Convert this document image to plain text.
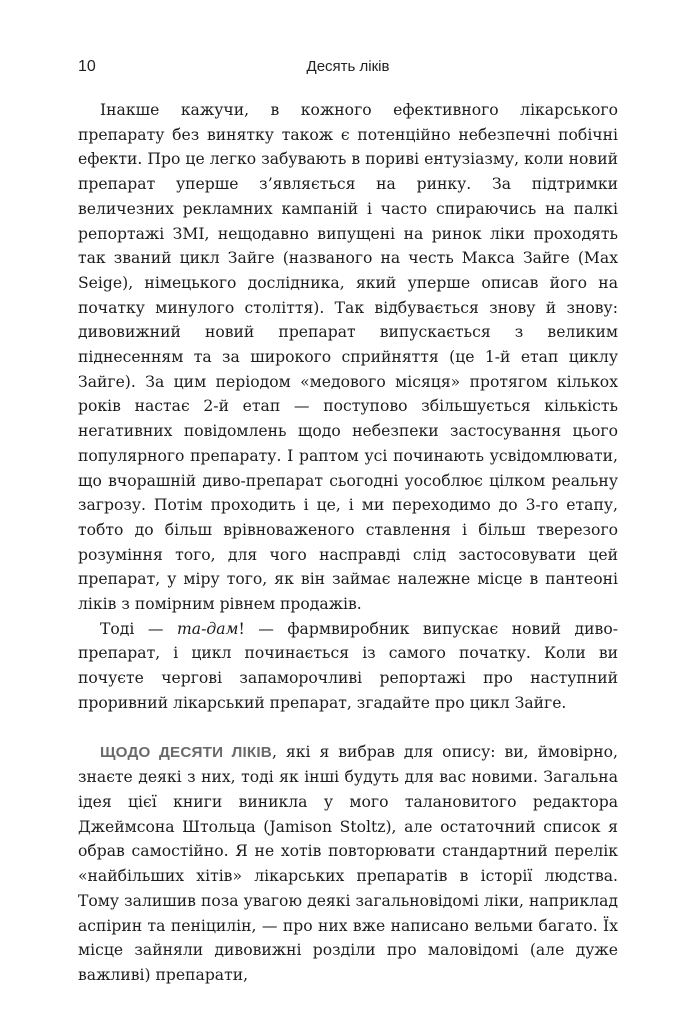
10	Десять ліків

Інакше кажучи, в кожного ефективного лікарського препарату без винятку також є потенційно небезпечні побічні ефекти. Про це легко забувають в пориві ентузіазму, коли новий препарат уперше з’являється на ринку. За підтримки величезних рекламних кампаній і часто спираючись на палкі репортажі ЗМІ, нещодавно випущені на ринок ліки проходять так званий цикл Зайге (названого на честь Макса Зайге (Max Seige), німецького дослідника, який уперше описав його на початку минулого століття). Так відбувається знову й знову: дивовижний новий препарат випускається з великим піднесенням та за широкого сприйняття (це 1-й етап циклу Зайге). За цим періодом «медового місяця» протягом кількох років настає 2-й етап — поступово збільшується кількість негативних повідомлень щодо небезпеки застосування цього популярного препарату. І раптом усі починають усвідомлювати, що вчорашній диво-препарат сьогодні уособлює цілком реальну загрозу. Потім проходить і це, і ми переходимо до 3-го етапу, тобто до більш врівноваженого ставлення і більш тверезого розуміння того, для чого насправді слід застосовувати цей препарат, у міру того, як він займає належне місце в пантеоні ліків з помірним рівнем продажів.

Тоді — та-дам! — фармвиробник випускає новий диво-препарат, і цикл починається із самого початку. Коли ви почуєте чергові запаморочливі репортажі про наступний проривний лікарський препарат, згадайте про цикл Зайге.

ЩОДО ДЕСЯТИ ЛІКІВ, які я вибрав для опису: ви, ймовірно, знаєте деякі з них, тоді як інші будуть для вас новими. Загальна ідея цієї книги виникла у мого талановитого редактора Джеймсона Штольца (Jamison Stoltz), але остаточний список я обрав самостійно. Я не хотів повторювати стандартний перелік «найбільших хітів» лікарських препаратів в історії людства. Тому залишив поза увагою деякі загальновідомі ліки, наприклад аспірин та пеніцилін, — про них вже написано вельми багато. Їх місце зайняли дивовижні розділи про маловідомі (але дуже важливі) препарати,
